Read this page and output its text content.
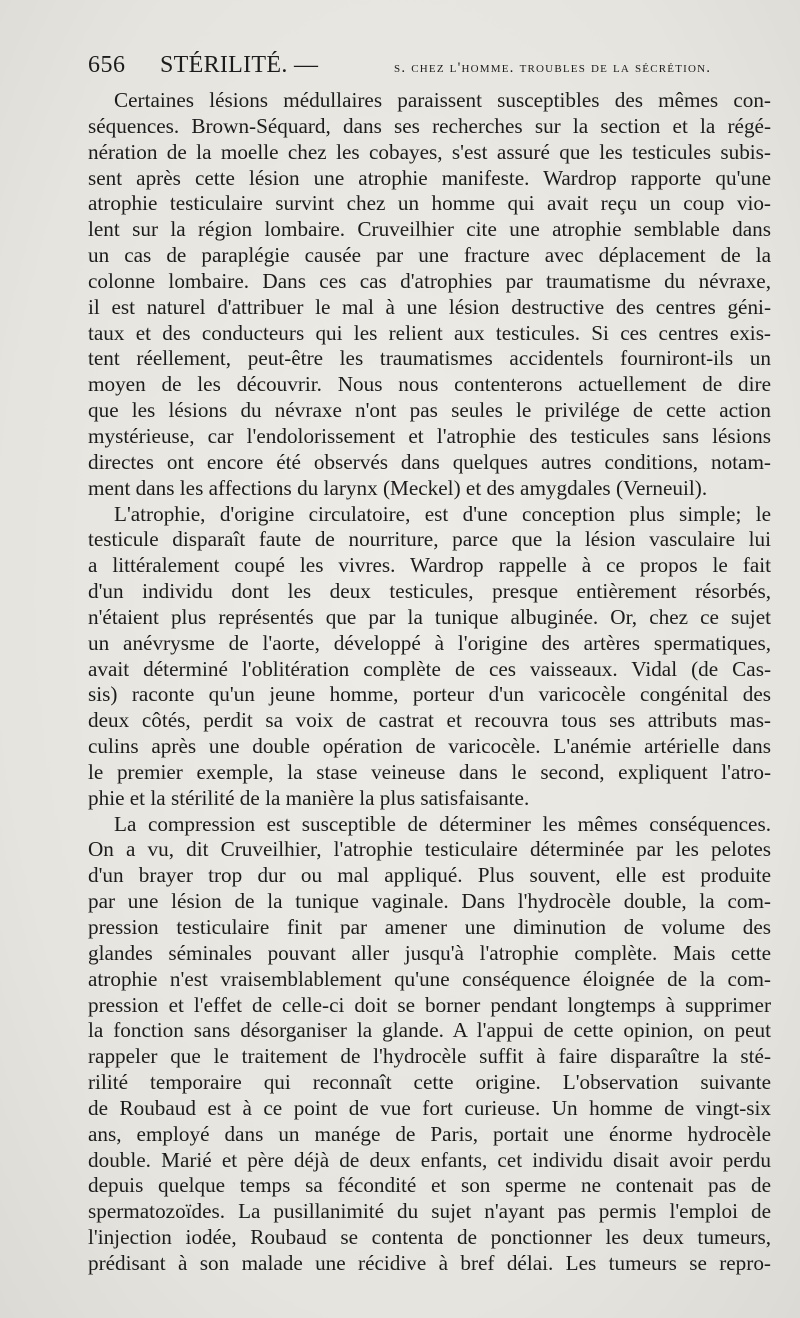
656 STÉRILITÉ. —	s. chez l'homme. troubles de la sécrétion.
Certaines lésions médullaires paraissent susceptibles des mêmes con-
séquences. Brown-Séquard, dans ses recherches sur la section et la régé-
nération de la moelle chez les cobayes, s'est assuré que les testicules subis-
sent après cette lésion une atrophie manifeste. Wardrop rapporte qu'une
atrophie testiculaire survint chez un homme qui avait reçu un coup vio-
lent sur la région lombaire. Cruveilhier cite une atrophie semblable dans
un cas de paraplégie causée par une fracture avec déplacement de la
colonne lombaire. Dans ces cas d'atrophies par traumatisme du névraxe,
il est naturel d'attribuer le mal à une lésion destructive des centres géni-
taux et des conducteurs qui les relient aux testicules. Si ces centres exis-
tent réellement, peut-être les traumatismes accidentels fourniront-ils un
moyen de les découvrir. Nous nous contenterons actuellement de dire
que les lésions du névraxe n'ont pas seules le privilége de cette action
mystérieuse, car l'endolorissement et l'atrophie des testicules sans lésions
directes ont encore été observés dans quelques autres conditions, notam-
ment dans les affections du larynx (Meckel) et des amygdales (Verneuil).
L'atrophie, d'origine circulatoire, est d'une conception plus simple; le
testicule disparaît faute de nourriture, parce que la lésion vasculaire lui
a littéralement coupé les vivres. Wardrop rappelle à ce propos le fait
d'un individu dont les deux testicules, presque entièrement résorbés,
n'étaient plus représentés que par la tunique albuginée. Or, chez ce sujet
un anévrysme de l'aorte, développé à l'origine des artères spermatiques,
avait déterminé l'oblitération complète de ces vaisseaux. Vidal (de Cas-
sis) raconte qu'un jeune homme, porteur d'un varicocèle congénital des
deux côtés, perdit sa voix de castrat et recouvra tous ses attributs mas-
culins après une double opération de varicocèle. L'anémie artérielle dans
le premier exemple, la stase veineuse dans le second, expliquent l'atro-
phie et la stérilité de la manière la plus satisfaisante.
La compression est susceptible de déterminer les mêmes conséquences.
On a vu, dit Cruveilhier, l'atrophie testiculaire déterminée par les pelotes
d'un brayer trop dur ou mal appliqué. Plus souvent, elle est produite
par une lésion de la tunique vaginale. Dans l'hydrocèle double, la com-
pression testiculaire finit par amener une diminution de volume des
glandes séminales pouvant aller jusqu'à l'atrophie complète. Mais cette
atrophie n'est vraisemblablement qu'une conséquence éloignée de la com-
pression et l'effet de celle-ci doit se borner pendant longtemps à supprimer
la fonction sans désorganiser la glande. A l'appui de cette opinion, on peut
rappeler que le traitement de l'hydrocèle suffit à faire disparaître la sté-
rilité temporaire qui reconnaît cette origine. L'observation suivante
de Roubaud est à ce point de vue fort curieuse. Un homme de vingt-six
ans, employé dans un manége de Paris, portait une énorme hydrocèle
double. Marié et père déjà de deux enfants, cet individu disait avoir perdu
depuis quelque temps sa fécondité et son sperme ne contenait pas de
spermatozoïdes. La pusillanimité du sujet n'ayant pas permis l'emploi de
l'injection iodée, Roubaud se contenta de ponctionner les deux tumeurs,
prédisant à son malade une récidive à bref délai. Les tumeurs se repro-
